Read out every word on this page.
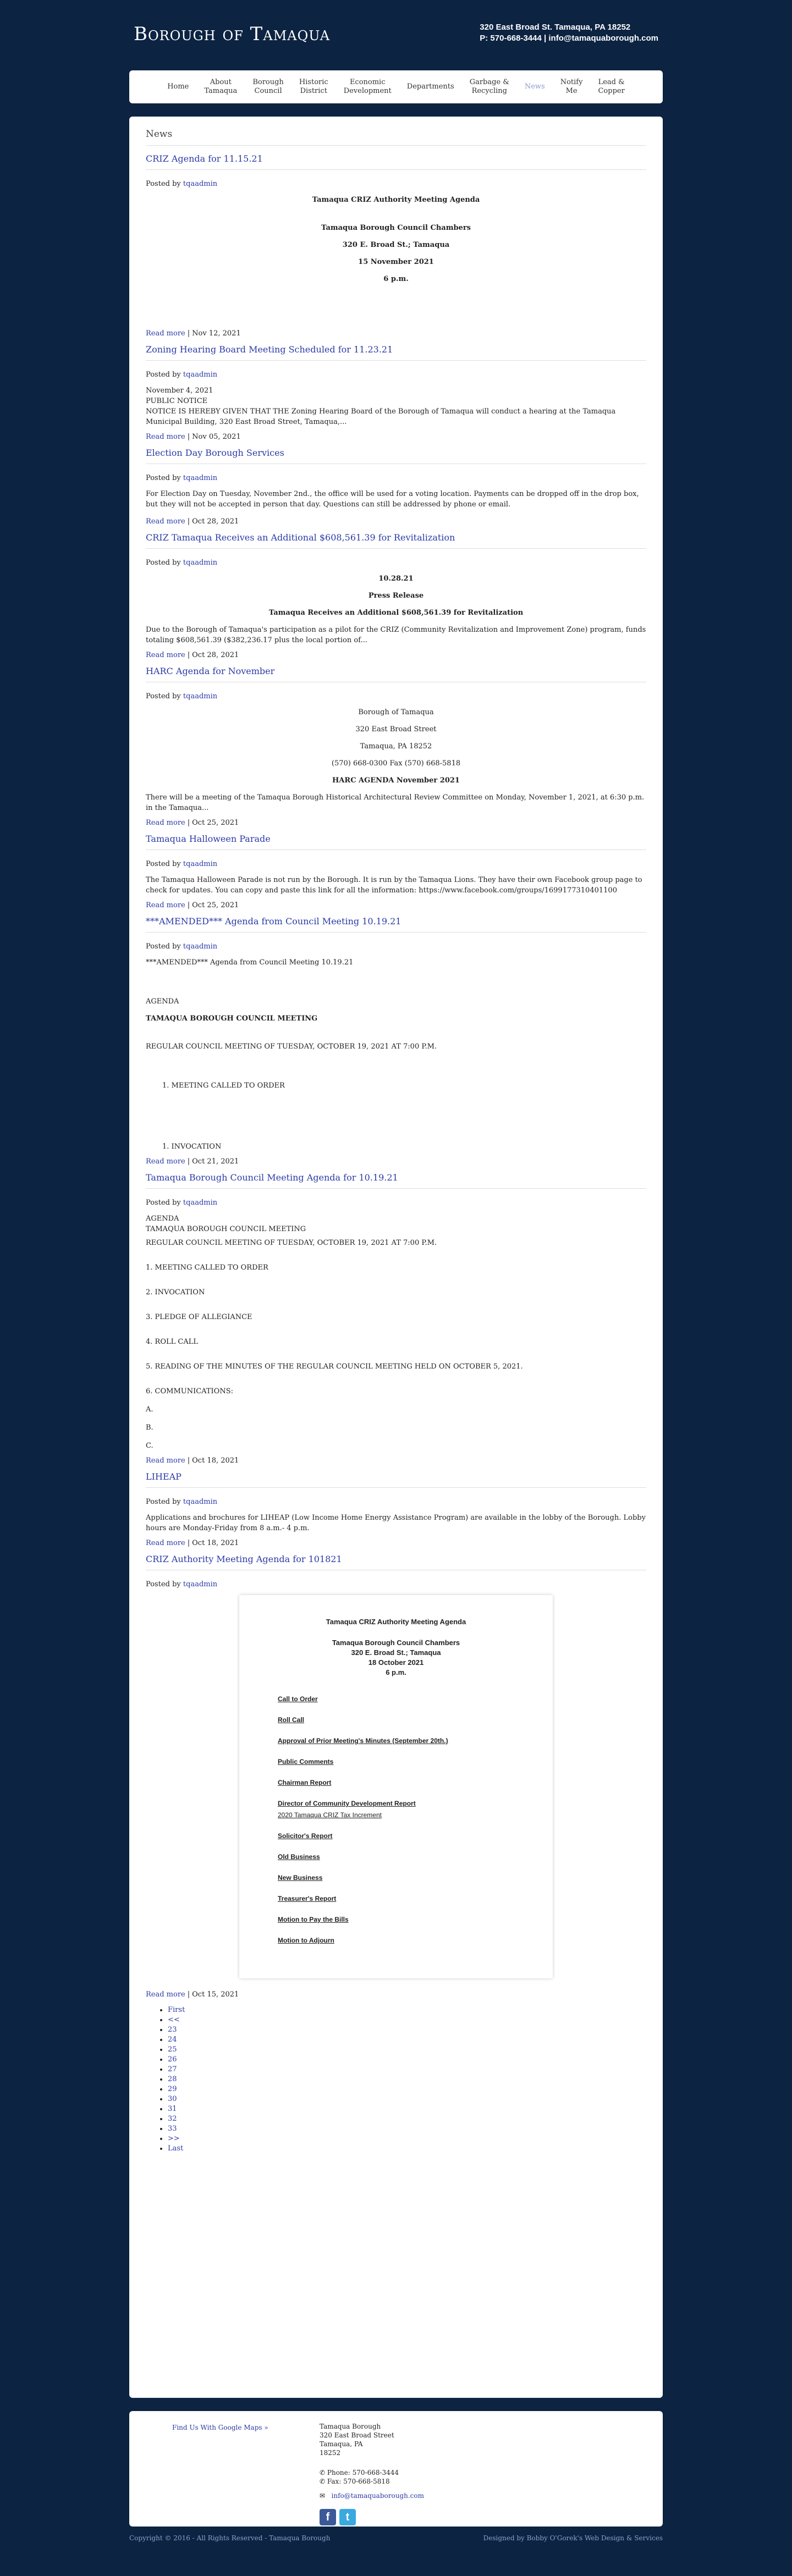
Borough of Tamaqua	320 East Broad St. Tamaqua, PA 18252
P: 570-668-3444 | info@tamaquaborough.com
Home
About
Tamaqua
Borough
Council
Historic
District
Economic
Development
Departments
Garbage &
Recycling
News
Notify
Me
Lead &
Copper
News
CRIZ Agenda for 11.15.21
Posted by tqaadmin

Tamaqua CRIZ Authority Meeting Agenda

Tamaqua Borough Council Chambers

320 E. Broad St.; Tamaqua

15 November 2021

6 p.m.

Read more | Nov 12, 2021
Zoning Hearing Board Meeting Scheduled for 11.23.21
Posted by tqaadmin
November 4, 2021
PUBLIC NOTICE
NOTICE IS HEREBY GIVEN THAT THE Zoning Hearing Board of the Borough of Tamaqua will conduct a hearing at the Tamaqua Municipal Building, 320 East Broad Street, Tamaqua,...
Read more | Nov 05, 2021
Election Day Borough Services
Posted by tqaadmin

For Election Day on Tuesday, November 2nd., the office will be used for a voting location. Payments can be dropped off in the drop box, but they will not be accepted in person that day. Questions can still be addressed by phone or email.

Read more | Oct 28, 2021
CRIZ Tamaqua Receives an Additional $608,561.39 for Revitalization
Posted by tqaadmin

10.28.21

Press Release

Tamaqua Receives an Additional $608,561.39 for Revitalization

Due to the Borough of Tamaqua's participation as a pilot for the CRIZ (Community Revitalization and Improvement Zone) program, funds totaling $608,561.39 ($382,236.17 plus the local portion of...
Read more | Oct 28, 2021
HARC Agenda for November
Posted by tqaadmin

Borough of Tamaqua

320 East Broad Street

Tamaqua, PA 18252

(570) 668-0300 Fax (570) 668-5818

HARC AGENDA November 2021

There will be a meeting of the Tamaqua Borough Historical Architectural Review Committee on Monday, November 1, 2021, at 6:30 p.m. in the Tamaqua...
Read more | Oct 25, 2021
Tamaqua Halloween Parade
Posted by tqaadmin
The Tamaqua Halloween Parade is not run by the Borough. It is run by the Tamaqua Lions. They have their own Facebook group page to check for updates. You can copy and paste this link for all the information: https://www.facebook.com/groups/1699177310401100
Read more | Oct 25, 2021
***AMENDED*** Agenda from Council Meeting 10.19.21
Posted by tqaadmin

***AMENDED*** Agenda from Council Meeting 10.19.21

AGENDA

TAMAQUA BOROUGH COUNCIL MEETING

REGULAR COUNCIL MEETING OF TUESDAY, OCTOBER 19, 2021 AT 7:00 P.M.

1. MEETING CALLED TO ORDER

1. INVOCATION
Read more | Oct 21, 2021
Tamaqua Borough Council Meeting Agenda for 10.19.21
Posted by tqaadmin
AGENDA
TAMAQUA BOROUGH COUNCIL MEETING

REGULAR COUNCIL MEETING OF TUESDAY, OCTOBER 19, 2021 AT 7:00 P.M.

1. MEETING CALLED TO ORDER

2. INVOCATION

3. PLEDGE OF ALLEGIANCE

4. ROLL CALL

5. READING OF THE MINUTES OF THE REGULAR COUNCIL MEETING HELD ON OCTOBER 5, 2021.

6. COMMUNICATIONS:

A.

B.

C.
Read more | Oct 18, 2021
LIHEAP
Posted by tqaadmin
Applications and brochures for LIHEAP (Low Income Home Energy Assistance Program) are available in the lobby of the Borough. Lobby hours are Monday-Friday from 8 a.m.- 4 p.m.
Read more | Oct 18, 2021
CRIZ Authority Meeting Agenda for 101821
Posted by tqaadmin
Tamaqua CRIZ Authority Meeting Agenda
Tamaqua Borough Council Chambers
320 E. Broad St.; Tamaqua
18 October 2021
6 p.m.
Call to Order
Roll Call
Approval of Prior Meeting's Minutes (September 20th.)
Public Comments
Chairman Report
Director of Community Development Report
2020 Tamaqua CRIZ Tax Increment
Solicitor's Report
Old Business
New Business
Treasurer's Report
Motion to Pay the Bills
Motion to Adjourn
Read more | Oct 15, 2021
• First
• <<
• 23
• 24
• 25
• 26
• 27
• 28
• 29
• 30
• 31
• 32
• 33
• >>
• Last
Find Us With Google Maps »	Tamaqua Borough
320 East Broad Street
Tamaqua, PA
18252
✆ Phone: 570-668-3444
✆ Fax: 570-668-5818
✉ info@tamaquaborough.com
f t
Copyright © 2016 - All Rights Reserved - Tamaqua Borough	Designed by Bobby O'Gorek's Web Design & Services
